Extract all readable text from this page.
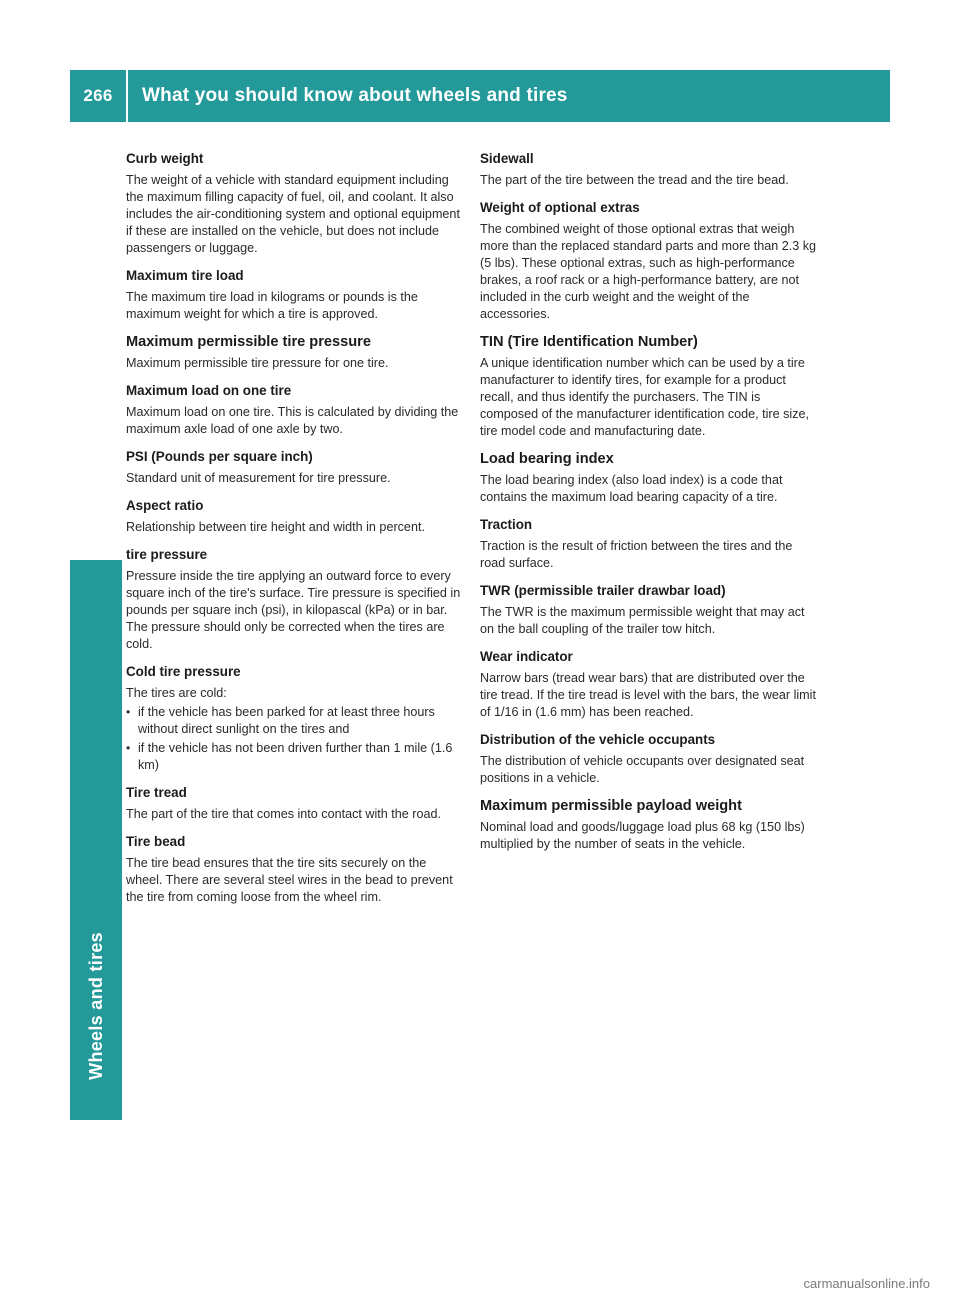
266	What you should know about wheels and tires
Wheels and tires
Curb weight
The weight of a vehicle with standard equipment including the maximum filling capacity of fuel, oil, and coolant. It also includes the air-conditioning system and optional equipment if these are installed on the vehicle, but does not include passengers or luggage.
Maximum tire load
The maximum tire load in kilograms or pounds is the maximum weight for which a tire is approved.
Maximum permissible tire pressure
Maximum permissible tire pressure for one tire.
Maximum load on one tire
Maximum load on one tire. This is calculated by dividing the maximum axle load of one axle by two.
PSI (Pounds per square inch)
Standard unit of measurement for tire pressure.
Aspect ratio
Relationship between tire height and width in percent.
tire pressure
Pressure inside the tire applying an outward force to every square inch of the tire's surface. Tire pressure is specified in pounds per square inch (psi), in kilopascal (kPa) or in bar. The pressure should only be corrected when the tires are cold.
Cold tire pressure
The tires are cold:
• if the vehicle has been parked for at least three hours without direct sunlight on the tires and
• if the vehicle has not been driven further than 1 mile (1.6 km)
Tire tread
The part of the tire that comes into contact with the road.
Tire bead
The tire bead ensures that the tire sits securely on the wheel. There are several steel wires in the bead to prevent the tire from coming loose from the wheel rim.
Sidewall
The part of the tire between the tread and the tire bead.
Weight of optional extras
The combined weight of those optional extras that weigh more than the replaced standard parts and more than 2.3 kg (5 lbs). These optional extras, such as high-performance brakes, a roof rack or a high-performance battery, are not included in the curb weight and the weight of the accessories.
TIN (Tire Identification Number)
A unique identification number which can be used by a tire manufacturer to identify tires, for example for a product recall, and thus identify the purchasers. The TIN is composed of the manufacturer identification code, tire size, tire model code and manufacturing date.
Load bearing index
The load bearing index (also load index) is a code that contains the maximum load bearing capacity of a tire.
Traction
Traction is the result of friction between the tires and the road surface.
TWR (permissible trailer drawbar load)
The TWR is the maximum permissible weight that may act on the ball coupling of the trailer tow hitch.
Wear indicator
Narrow bars (tread wear bars) that are distributed over the tire tread. If the tire tread is level with the bars, the wear limit of 1/16 in (1.6 mm) has been reached.
Distribution of the vehicle occupants
The distribution of vehicle occupants over designated seat positions in a vehicle.
Maximum permissible payload weight
Nominal load and goods/luggage load plus 68 kg (150 lbs) multiplied by the number of seats in the vehicle.
carmanualsonline.info
